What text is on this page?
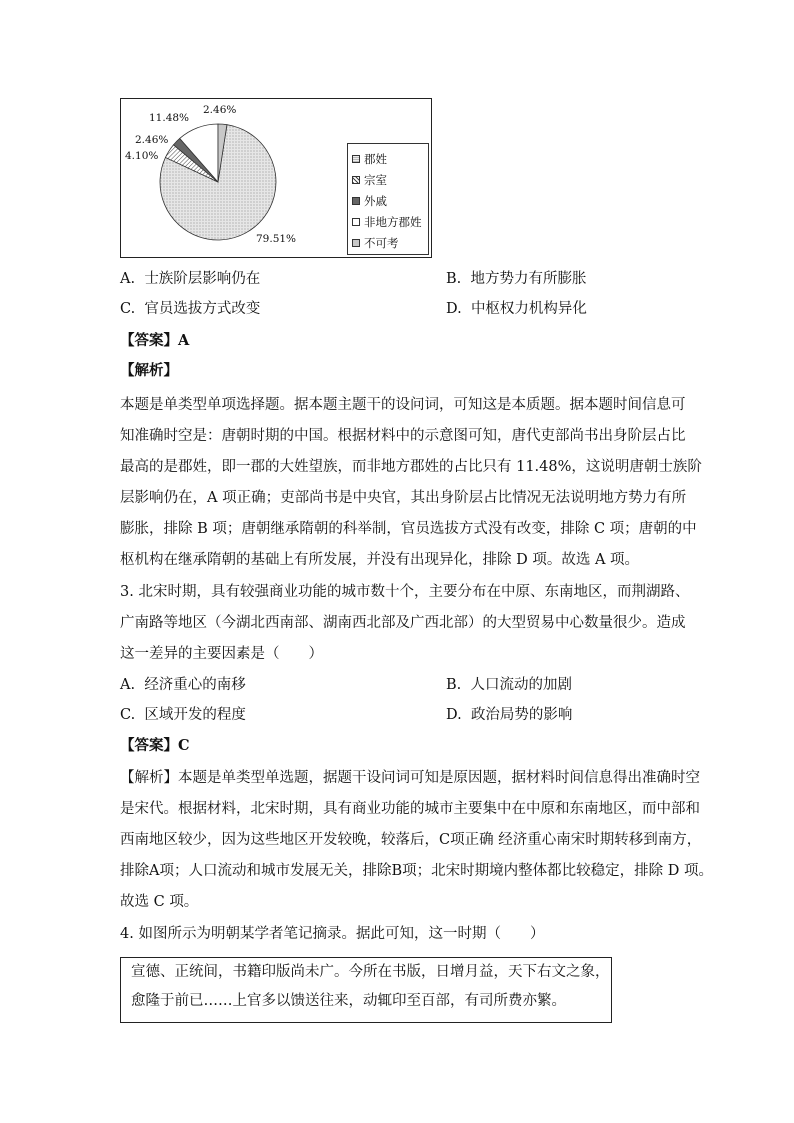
79.51%
4.10%
2.46%
11.48%
2.46%
郡姓
宗室
外戚
非地方郡姓
不可考
A. 士族阶层影响仍在	B. 地方势力有所膨胀
C. 官员选拔方式改变	D. 中枢权力机构异化
【答案】A
【解析】
本题是单类型单项选择题。据本题主题干的设问词，可知这是本质题。据本题时间信息可
知准确时空是：唐朝时期的中国。根据材料中的示意图可知，唐代吏部尚书出身阶层占比
最高的是郡姓，即一郡的大姓望族，而非地方郡姓的占比只有 11.48%，这说明唐朝士族阶
层影响仍在，A 项正确；吏部尚书是中央官，其出身阶层占比情况无法说明地方势力有所
膨胀，排除 B 项；唐朝继承隋朝的科举制，官员选拔方式没有改变，排除 C 项；唐朝的中
枢机构在继承隋朝的基础上有所发展，并没有出现异化，排除 D 项。故选 A 项。
3. 北宋时期，具有较强商业功能的城市数十个，主要分布在中原、东南地区，而荆湖路、
广南路等地区（今湖北西南部、湖南西北部及广西北部）的大型贸易中心数量很少。造成
这一差异的主要因素是（　　）
A. 经济重心的南移	B. 人口流动的加剧
C. 区域开发的程度	D. 政治局势的影响
【答案】C
【解析】本题是单类型单选题，据题干设问词可知是原因题，据材料时间信息得出准确时空
是宋代。根据材料，北宋时期，具有商业功能的城市主要集中在中原和东南地区，而中部和
西南地区较少，因为这些地区开发较晚，较落后，C项正确 经济重心南宋时期转移到南方，
排除A项；人口流动和城市发展无关，排除B项；北宋时期境内整体都比较稳定，排除 D 项。
故选 C 项。
4. 如图所示为明朝某学者笔记摘录。据此可知，这一时期（　　）
宣德、正统间，书籍印版尚未广。今所在书版，日增月益，天下右文之象，
愈隆于前已……上官多以馈送往来，动辄印至百部，有司所费亦繁。
